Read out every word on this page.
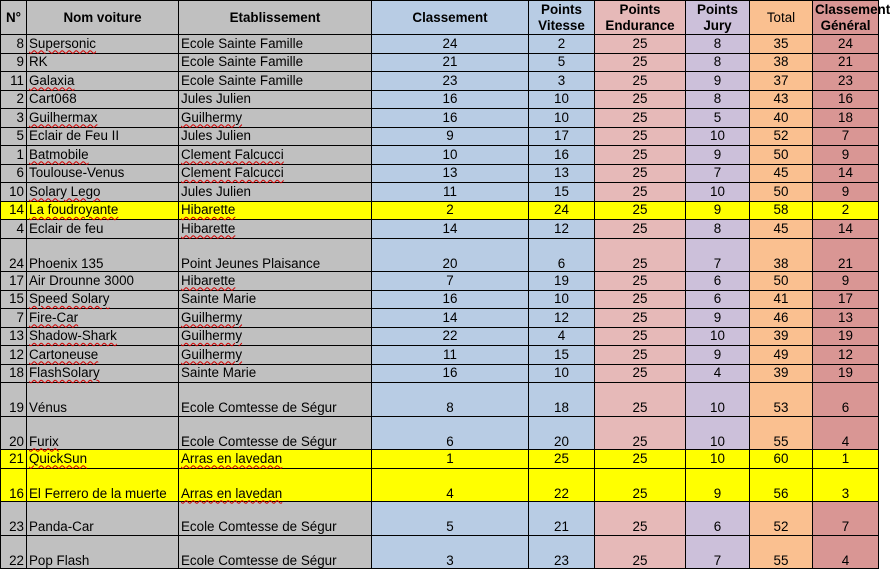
N°	Nom voiture	Etablissement	Classement	Points Vitesse	Points Endurance	Points Jury	Total	Classement Général
8	Supersonic	Ecole Sainte Famille	24	2	25	8	35	24
9	RK	Ecole Sainte Famille	21	5	25	8	38	21
11	Galaxia	Ecole Sainte Famille	23	3	25	9	37	23
2	Cart068	Jules Julien	16	10	25	8	43	16
3	Guilhermax	Guilhermy	16	10	25	5	40	18
5	Eclair de Feu II	Jules Julien	9	17	25	10	52	7
1	Batmobile	Clement Falcucci	10	16	25	9	50	9
6	Toulouse-Venus	Clement Falcucci	13	13	25	7	45	14
10	Solary Lego	Jules Julien	11	15	25	10	50	9
14	La foudroyante	Hibarette	2	24	25	9	58	2
4	Eclair de feu	Hibarette	14	12	25	8	45	14
24	Phoenix 135	Point Jeunes Plaisance	20	6	25	7	38	21
17	Air Drounne 3000	Hibarette	7	19	25	6	50	9
15	Speed Solary	Sainte Marie	16	10	25	6	41	17
7	Fire-Car	Guilhermy	14	12	25	9	46	13
13	Shadow-Shark	Guilhermy	22	4	25	10	39	19
12	Cartoneuse	Guilhermy	11	15	25	9	49	12
18	FlashSolary	Sainte Marie	16	10	25	4	39	19
19	Vénus	Ecole Comtesse de Ségur	8	18	25	10	53	6
20	Furix	Ecole Comtesse de Ségur	6	20	25	10	55	4
21	QuickSun	Arras en lavedan	1	25	25	10	60	1
16	El Ferrero de la muerte	Arras en lavedan	4	22	25	9	56	3
23	Panda-Car	Ecole Comtesse de Ségur	5	21	25	6	52	7
22	Pop Flash	Ecole Comtesse de Ségur	3	23	25	7	55	4
